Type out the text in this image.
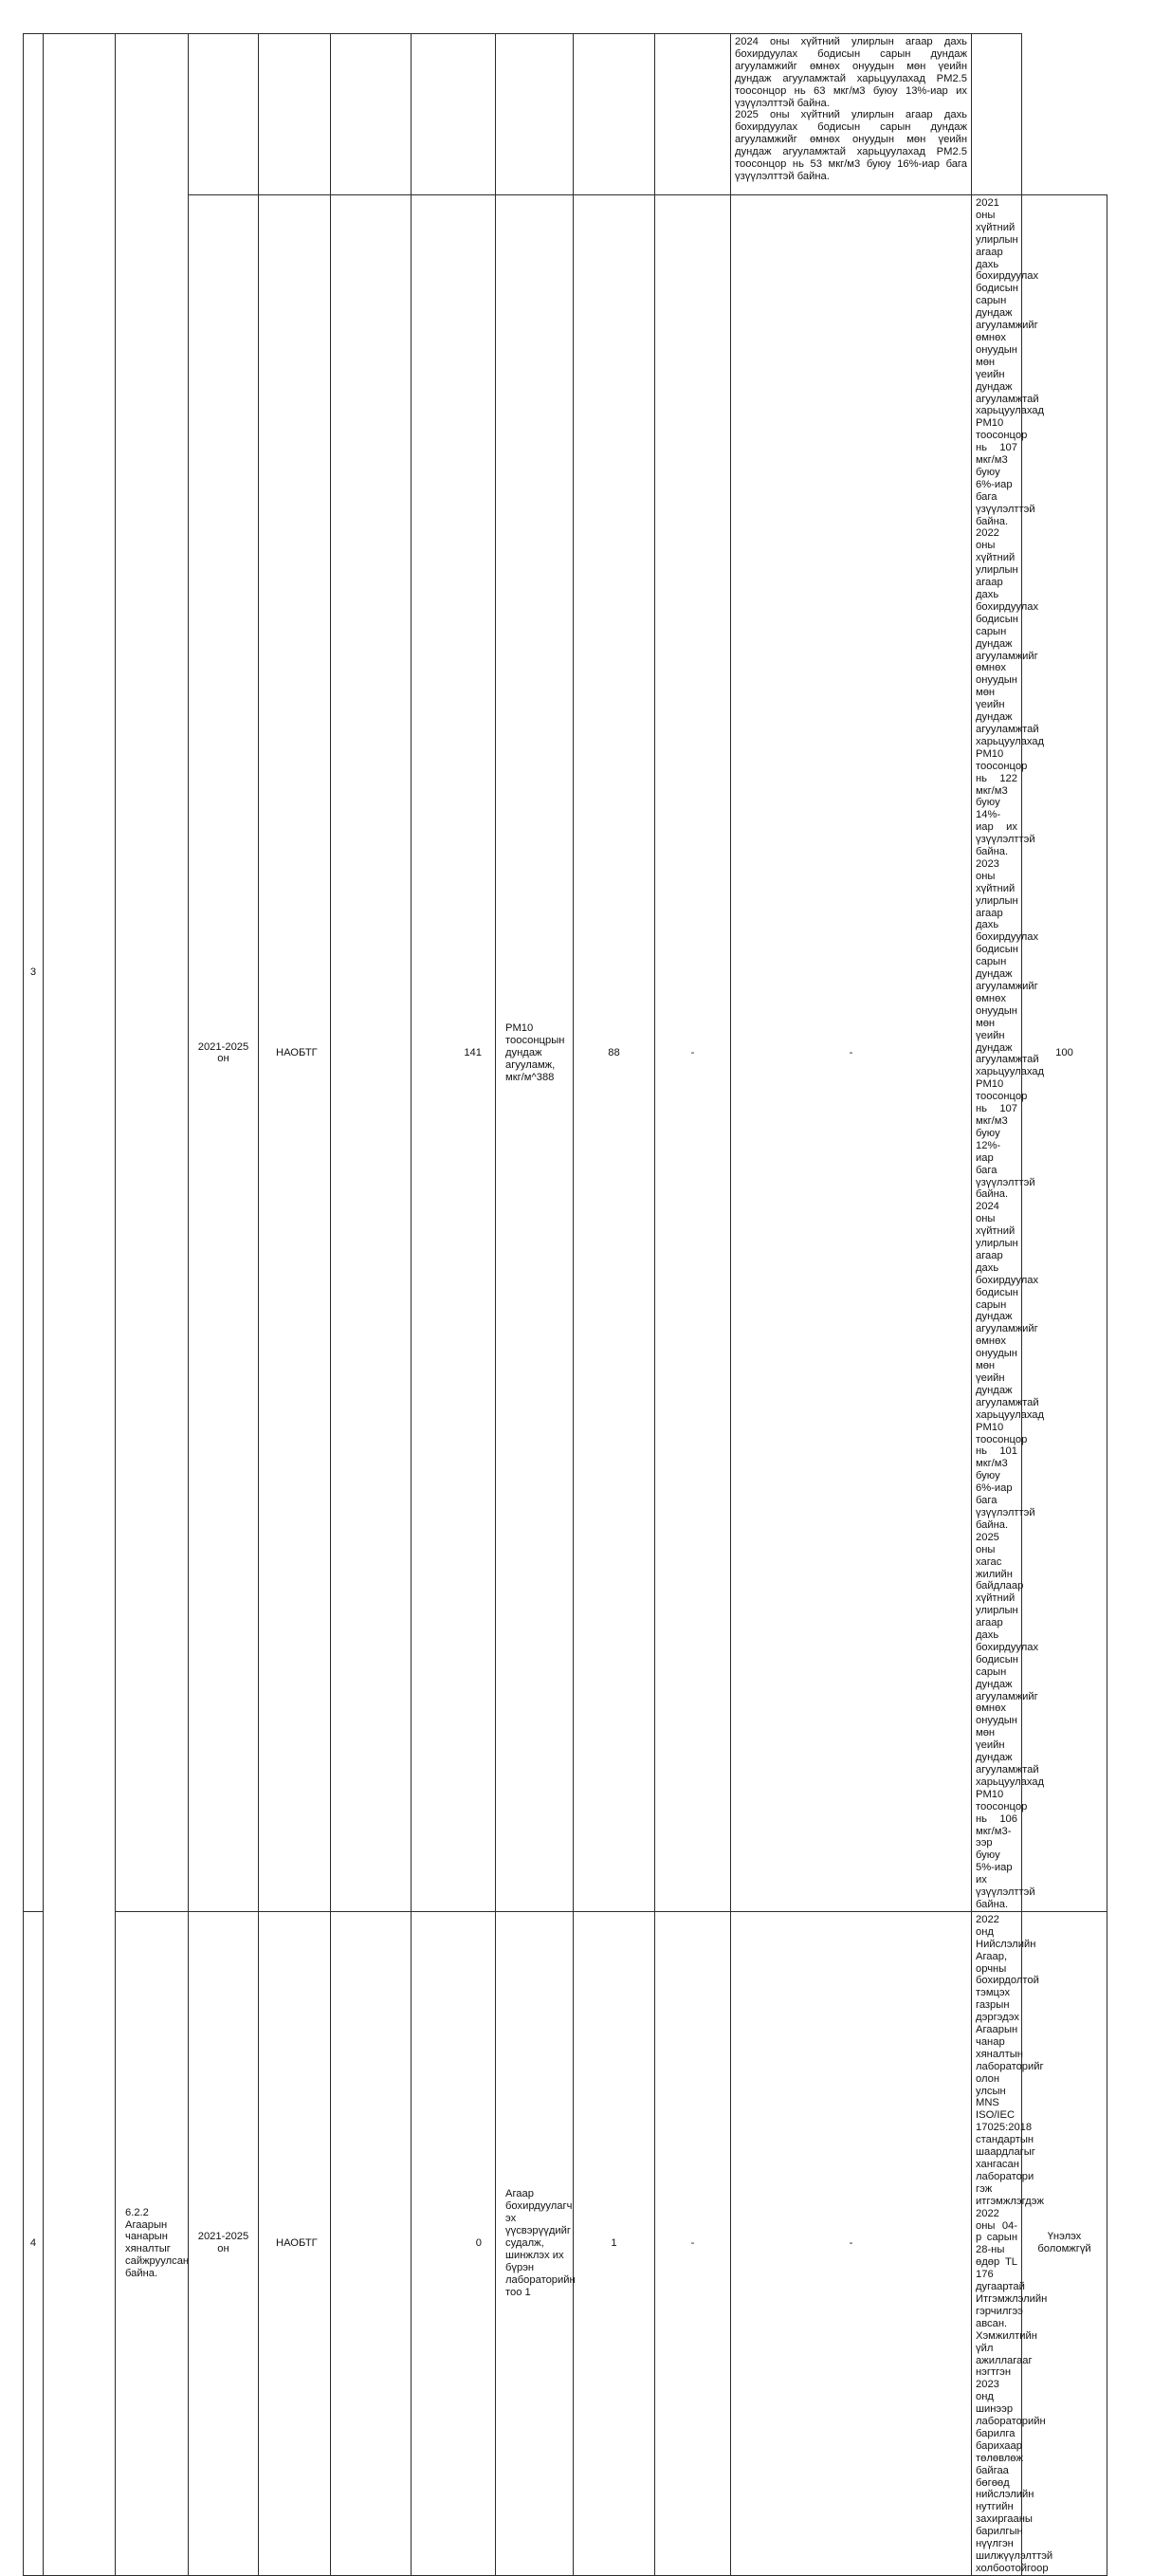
3										2024 оны хүйтний улирлын агаар дахь бохирдуулах бодисын сарын дундаж агууламжийг өмнөх онуудын мөн үеийн дундаж агууламжтай харьцуулахад PM2.5 тоосонцор нь 63 мкг/м3 буюу 13%-иар их үзүүлэлттэй байна.
2025 оны хүйтний улирлын агаар дахь бохирдуулах бодисын сарын дундаж агууламжийг өмнөх онуудын мөн үеийн дундаж агууламжтай харьцуулахад PM2.5 тоосонцор нь 53 мкг/м3 буюу 16%-иар бага үзүүлэлттэй байна.		

			2021-2025 он	НАОБТГ		141	PM10 тоосонцрын дундаж агууламж, мкг/м^388	88	-	-	2021 оны хүйтний улирлын агаар дахь бохирдуулах бодисын сарын дундаж агууламжийг өмнөх онуудын мөн үеийн дундаж агууламжтай харьцуулахад PM10 тоосонцор нь 107 мкг/м3 буюу 6%-иар бага үзүүлэлттэй байна.
2022 оны хүйтний улирлын агаар дахь бохирдуулах бодисын сарын дундаж агууламжийг өмнөх онуудын мөн үеийн дундаж агууламжтай харьцуулахад PM10 тоосонцор нь 122 мкг/м3 буюу 14%-иар их үзүүлэлттэй байна.
2023 оны хүйтний улирлын агаар дахь бохирдуулах бодисын сарын дундаж агууламжийг өмнөх онуудын мөн үеийн дундаж агууламжтай харьцуулахад PM10 тоосонцор нь 107 мкг/м3 буюу 12%-иар бага үзүүлэлттэй байна.
2024 оны хүйтний улирлын агаар дахь бохирдуулах бодисын сарын дундаж агууламжийг өмнөх онуудын мөн үеийн дундаж агууламжтай харьцуулахад PM10 тоосонцор нь 101 мкг/м3 буюу 6%-иар бага үзүүлэлттэй байна.
2025 оны хагас жилийн байдлаар хүйтний улирлын агаар дахь бохирдуулах бодисын сарын дундаж агууламжийг өмнөх онуудын мөн үеийн дундаж агууламжтай харьцуулахад PM10 тоосонцор нь 106 мкг/м3-ээр буюу 5%-иар их үзүүлэлттэй байна.	100
4		6.2.2 Агаарын чанарын хяналтыг сайжруулсан байна.	2021-2025 он	НАОБТГ		0	Агаар бохирдуулагч эх үүсвэрүүдийг судалж, шинжлэх их бүрэн лабораторийн тоо 1	1	-	-	2022 онд Нийслэлийн Агаар, орчны бохирдолтой тэмцэх газрын дэргэдэх Агаарын чанар хяналтын лабораторийг олон улсын MNS ISO/IEC 17025:2018 стандартын шаардлагыг хангасан лаборатори гэж итгэмжлэгдэж 2022 оны 04-р сарын 28-ны өдөр TL 176 дугаартай Итгэмжлэлийн гэрчилгээ авсан. Хэмжилтийн үйл ажиллагааг нэгтгэн 2023 онд шинээр лабораторийн барилга барихаар төлөвлөж байгаа бөгөөд нийслэлийн нутгийн захиргааны барилгын нүүлгэн шилжүүлэлттэй холбоотойгоор	Үнэлэх боломжгүй
